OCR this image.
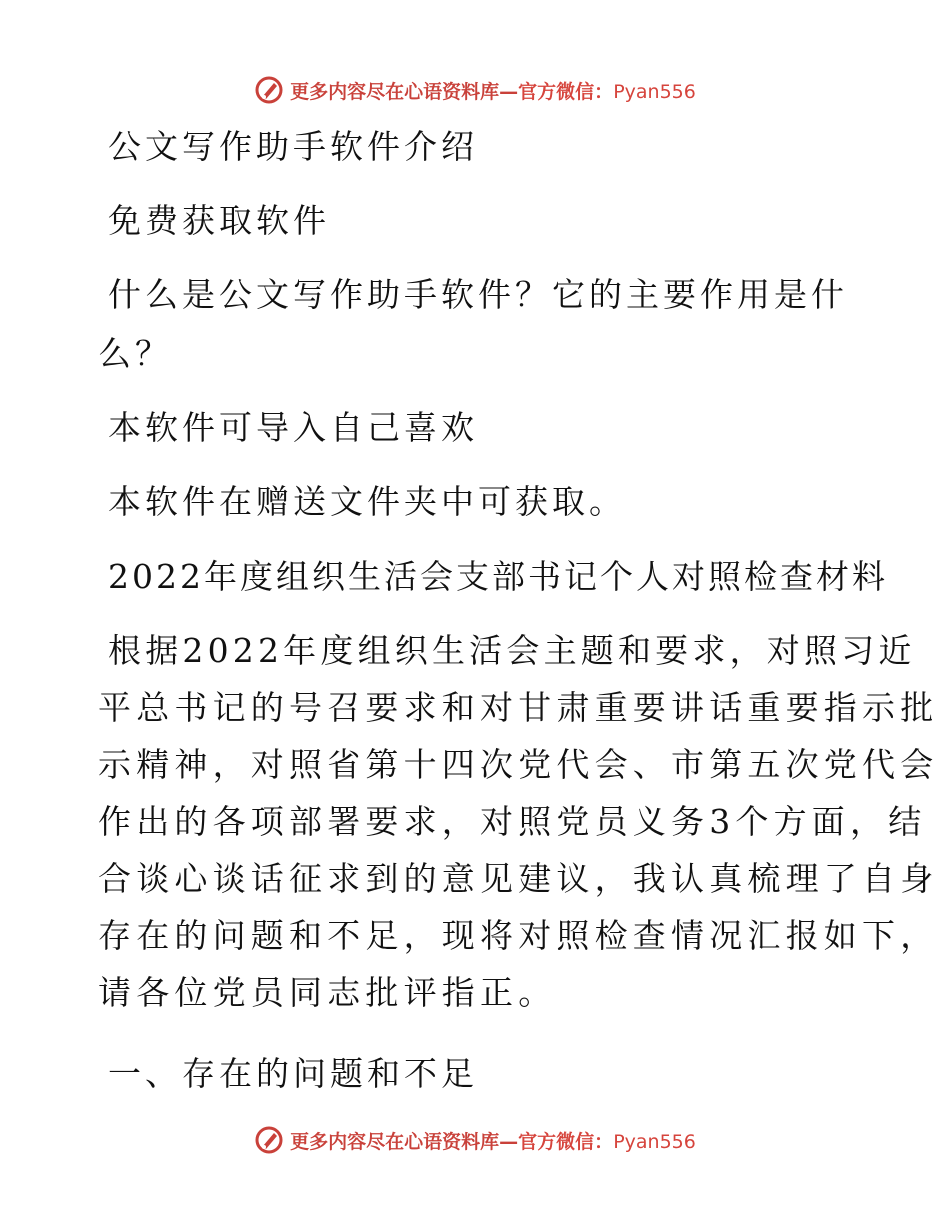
更多内容尽在心语资料库—官方微信：Pyan556
公文写作助手软件介绍
免费获取软件
什么是公文写作助手软件？它的主要作用是什
么？
本软件可导入自己喜欢
本软件在赠送文件夹中可获取。
2022年度组织生活会支部书记个人对照检查材料
根据2022年度组织生活会主题和要求，对照习近
平总书记的号召要求和对甘肃重要讲话重要指示批
示精神，对照省第十四次党代会、市第五次党代会
作出的各项部署要求，对照党员义务3个方面，结
合谈心谈话征求到的意见建议，我认真梳理了自身
存在的问题和不足，现将对照检查情况汇报如下，
请各位党员同志批评指正。
一、存在的问题和不足
更多内容尽在心语资料库—官方微信：Pyan556
